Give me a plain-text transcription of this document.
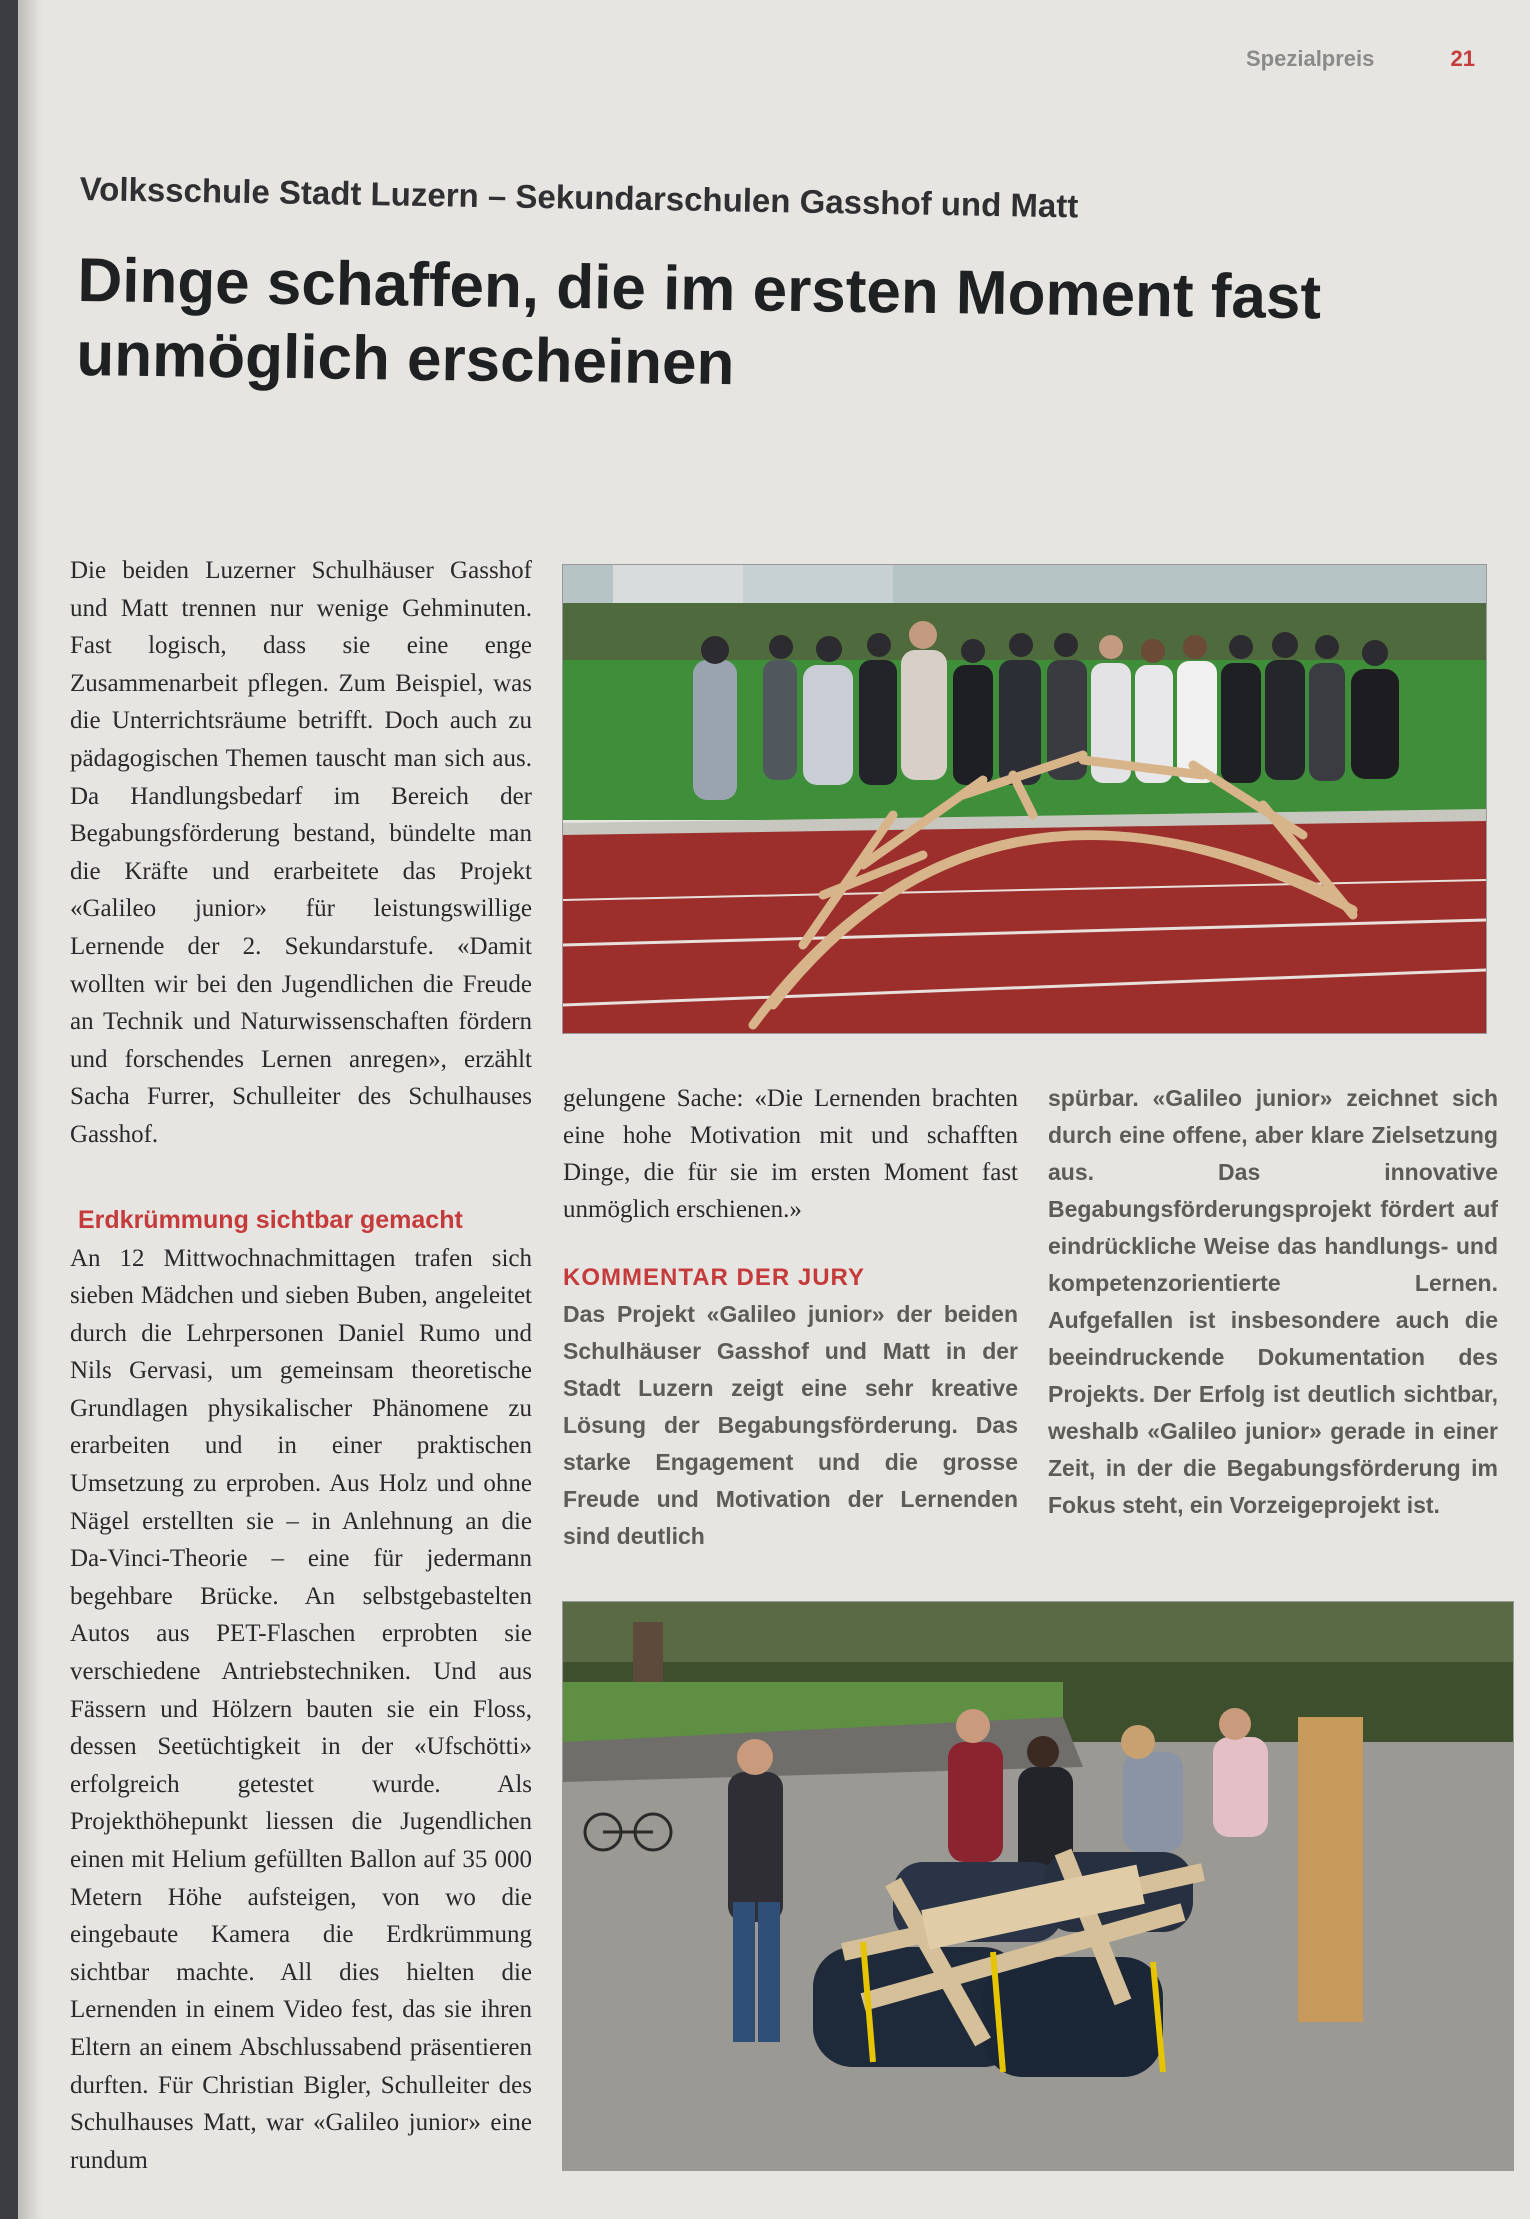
Spezialpreis	21
Volksschule Stadt Luzern – Sekundarschulen Gasshof und Matt
Dinge schaffen, die im ersten Moment fast unmöglich erscheinen

Die beiden Luzerner Schulhäuser Gasshof und Matt trennen nur wenige Gehminuten. Fast logisch, dass sie eine enge Zusammenarbeit pflegen. Zum Beispiel, was die Unterrichtsräume betrifft. Doch auch zu pädagogischen Themen tauscht man sich aus. Da Handlungsbedarf im Bereich der Begabungsförderung bestand, bündelte man die Kräfte und erarbeitete das Projekt «Galileo junior» für leistungswillige Lernende der 2. Sekundarstufe. «Damit wollten wir bei den Jugendlichen die Freude an Technik und Naturwissenschaften fördern und forschendes Lernen anregen», erzählt Sacha Furrer, Schulleiter des Schulhauses Gasshof.

Erdkrümmung sichtbar gemacht

An 12 Mittwochnachmittagen trafen sich sieben Mädchen und sieben Buben, angeleitet durch die Lehrpersonen Daniel Rumo und Nils Gervasi, um gemeinsam theoretische Grundlagen physikalischer Phänomene zu erarbeiten und in einer praktischen Umsetzung zu erproben. Aus Holz und ohne Nägel erstellten sie – in Anlehnung an die Da-Vinci-Theorie – eine für jedermann begehbare Brücke. An selbstgebastelten Autos aus PET-Flaschen erprobten sie verschiedene Antriebstechniken. Und aus Fässern und Hölzern bauten sie ein Floss, dessen Seetüchtigkeit in der «Ufschötti» erfolgreich getestet wurde. Als Projekthöhepunkt liessen die Jugendlichen einen mit Helium gefüllten Ballon auf 35 000 Metern Höhe aufsteigen, von wo die eingebaute Kamera die Erdkrümmung sichtbar machte. All dies hielten die Lernenden in einem Video fest, das sie ihren Eltern an einem Abschlussabend präsentieren durften. Für Christian Bigler, Schulleiter des Schulhauses Matt, war «Galileo junior» eine rundum

gelungene Sache: «Die Lernenden brachten eine hohe Motivation mit und schafften Dinge, die für sie im ersten Moment fast unmöglich erschienen.»

KOMMENTAR DER JURY

Das Projekt «Galileo junior» der beiden Schulhäuser Gasshof und Matt in der Stadt Luzern zeigt eine sehr kreative Lösung der Begabungsförderung. Das starke Engagement und die grosse Freude und Motivation der Lernenden sind deutlich

spürbar. «Galileo junior» zeichnet sich durch eine offene, aber klare Zielsetzung aus. Das innovative Begabungsförderungsprojekt fördert auf eindrückliche Weise das handlungs- und kompetenzorientierte Lernen. Aufgefallen ist insbesondere auch die beeindruckende Dokumentation des Projekts. Der Erfolg ist deutlich sichtbar, weshalb «Galileo junior» gerade in einer Zeit, in der die Begabungsförderung im Fokus steht, ein Vorzeigeprojekt ist.
